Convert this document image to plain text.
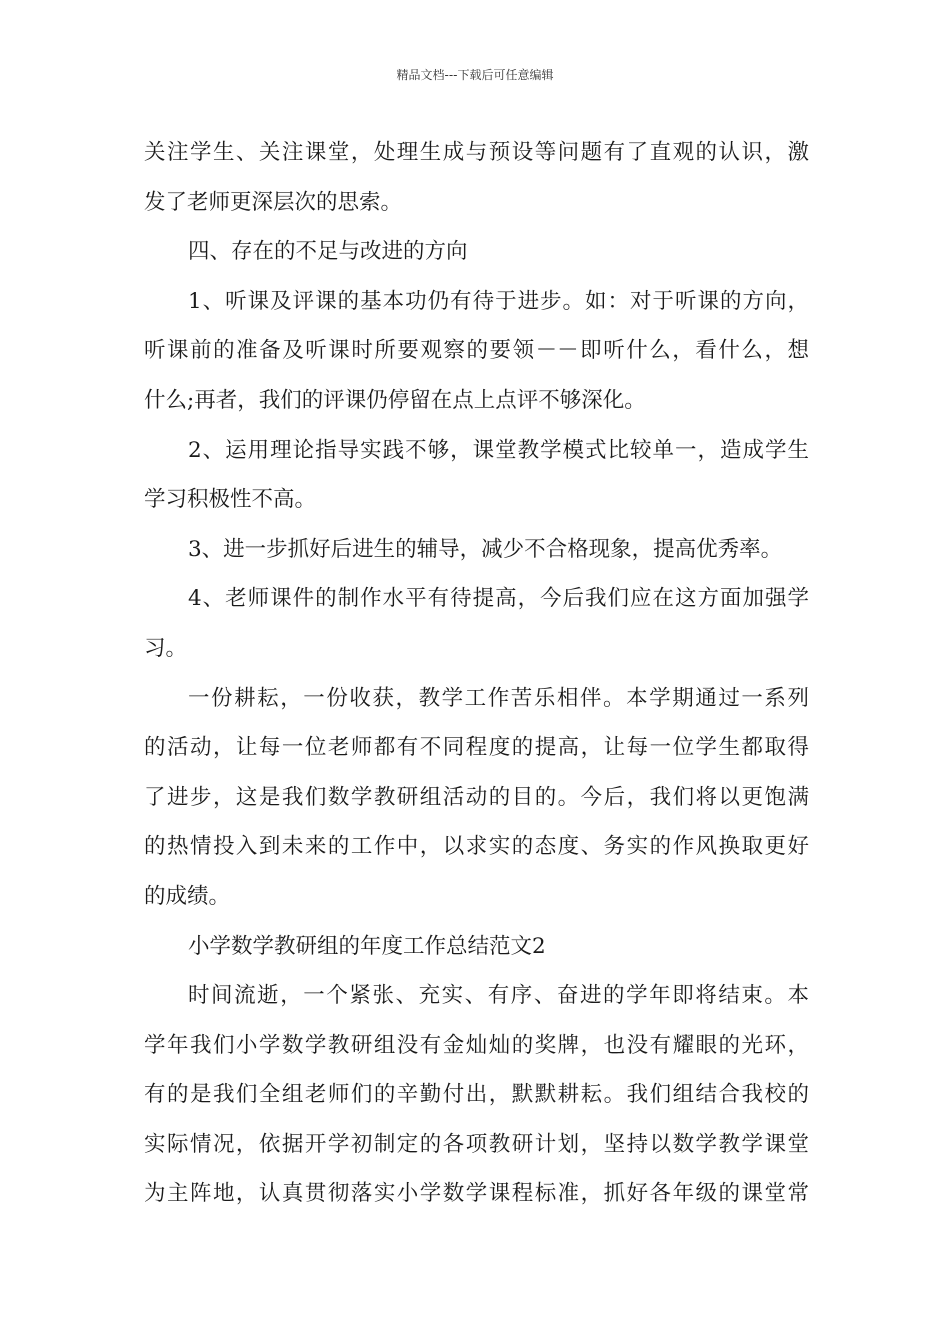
精品文档---下载后可任意编辑
关注学生、关注课堂，处理生成与预设等问题有了直观的认识，激
发了老师更深层次的思索。
四、存在的不足与改进的方向
1、听课及评课的基本功仍有待于进步。如：对于听课的方向，
听课前的准备及听课时所要观察的要领－－即听什么，看什么，想
什么;再者，我们的评课仍停留在点上点评不够深化。
2、运用理论指导实践不够，课堂教学模式比较单一，造成学生
学习积极性不高。
3、进一步抓好后进生的辅导，减少不合格现象，提高优秀率。
4、老师课件的制作水平有待提高，今后我们应在这方面加强学
习。
一份耕耘，一份收获，教学工作苦乐相伴。本学期通过一系列
的活动，让每一位老师都有不同程度的提高，让每一位学生都取得
了进步，这是我们数学教研组活动的目的。今后，我们将以更饱满
的热情投入到未来的工作中，以求实的态度、务实的作风换取更好
的成绩。
小学数学教研组的年度工作总结范文2
时间流逝，一个紧张、充实、有序、奋进的学年即将结束。本
学年我们小学数学教研组没有金灿灿的奖牌，也没有耀眼的光环，
有的是我们全组老师们的辛勤付出，默默耕耘。我们组结合我校的
实际情况，依据开学初制定的各项教研计划，坚持以数学教学课堂
为主阵地，认真贯彻落实小学数学课程标准，抓好各年级的课堂常
